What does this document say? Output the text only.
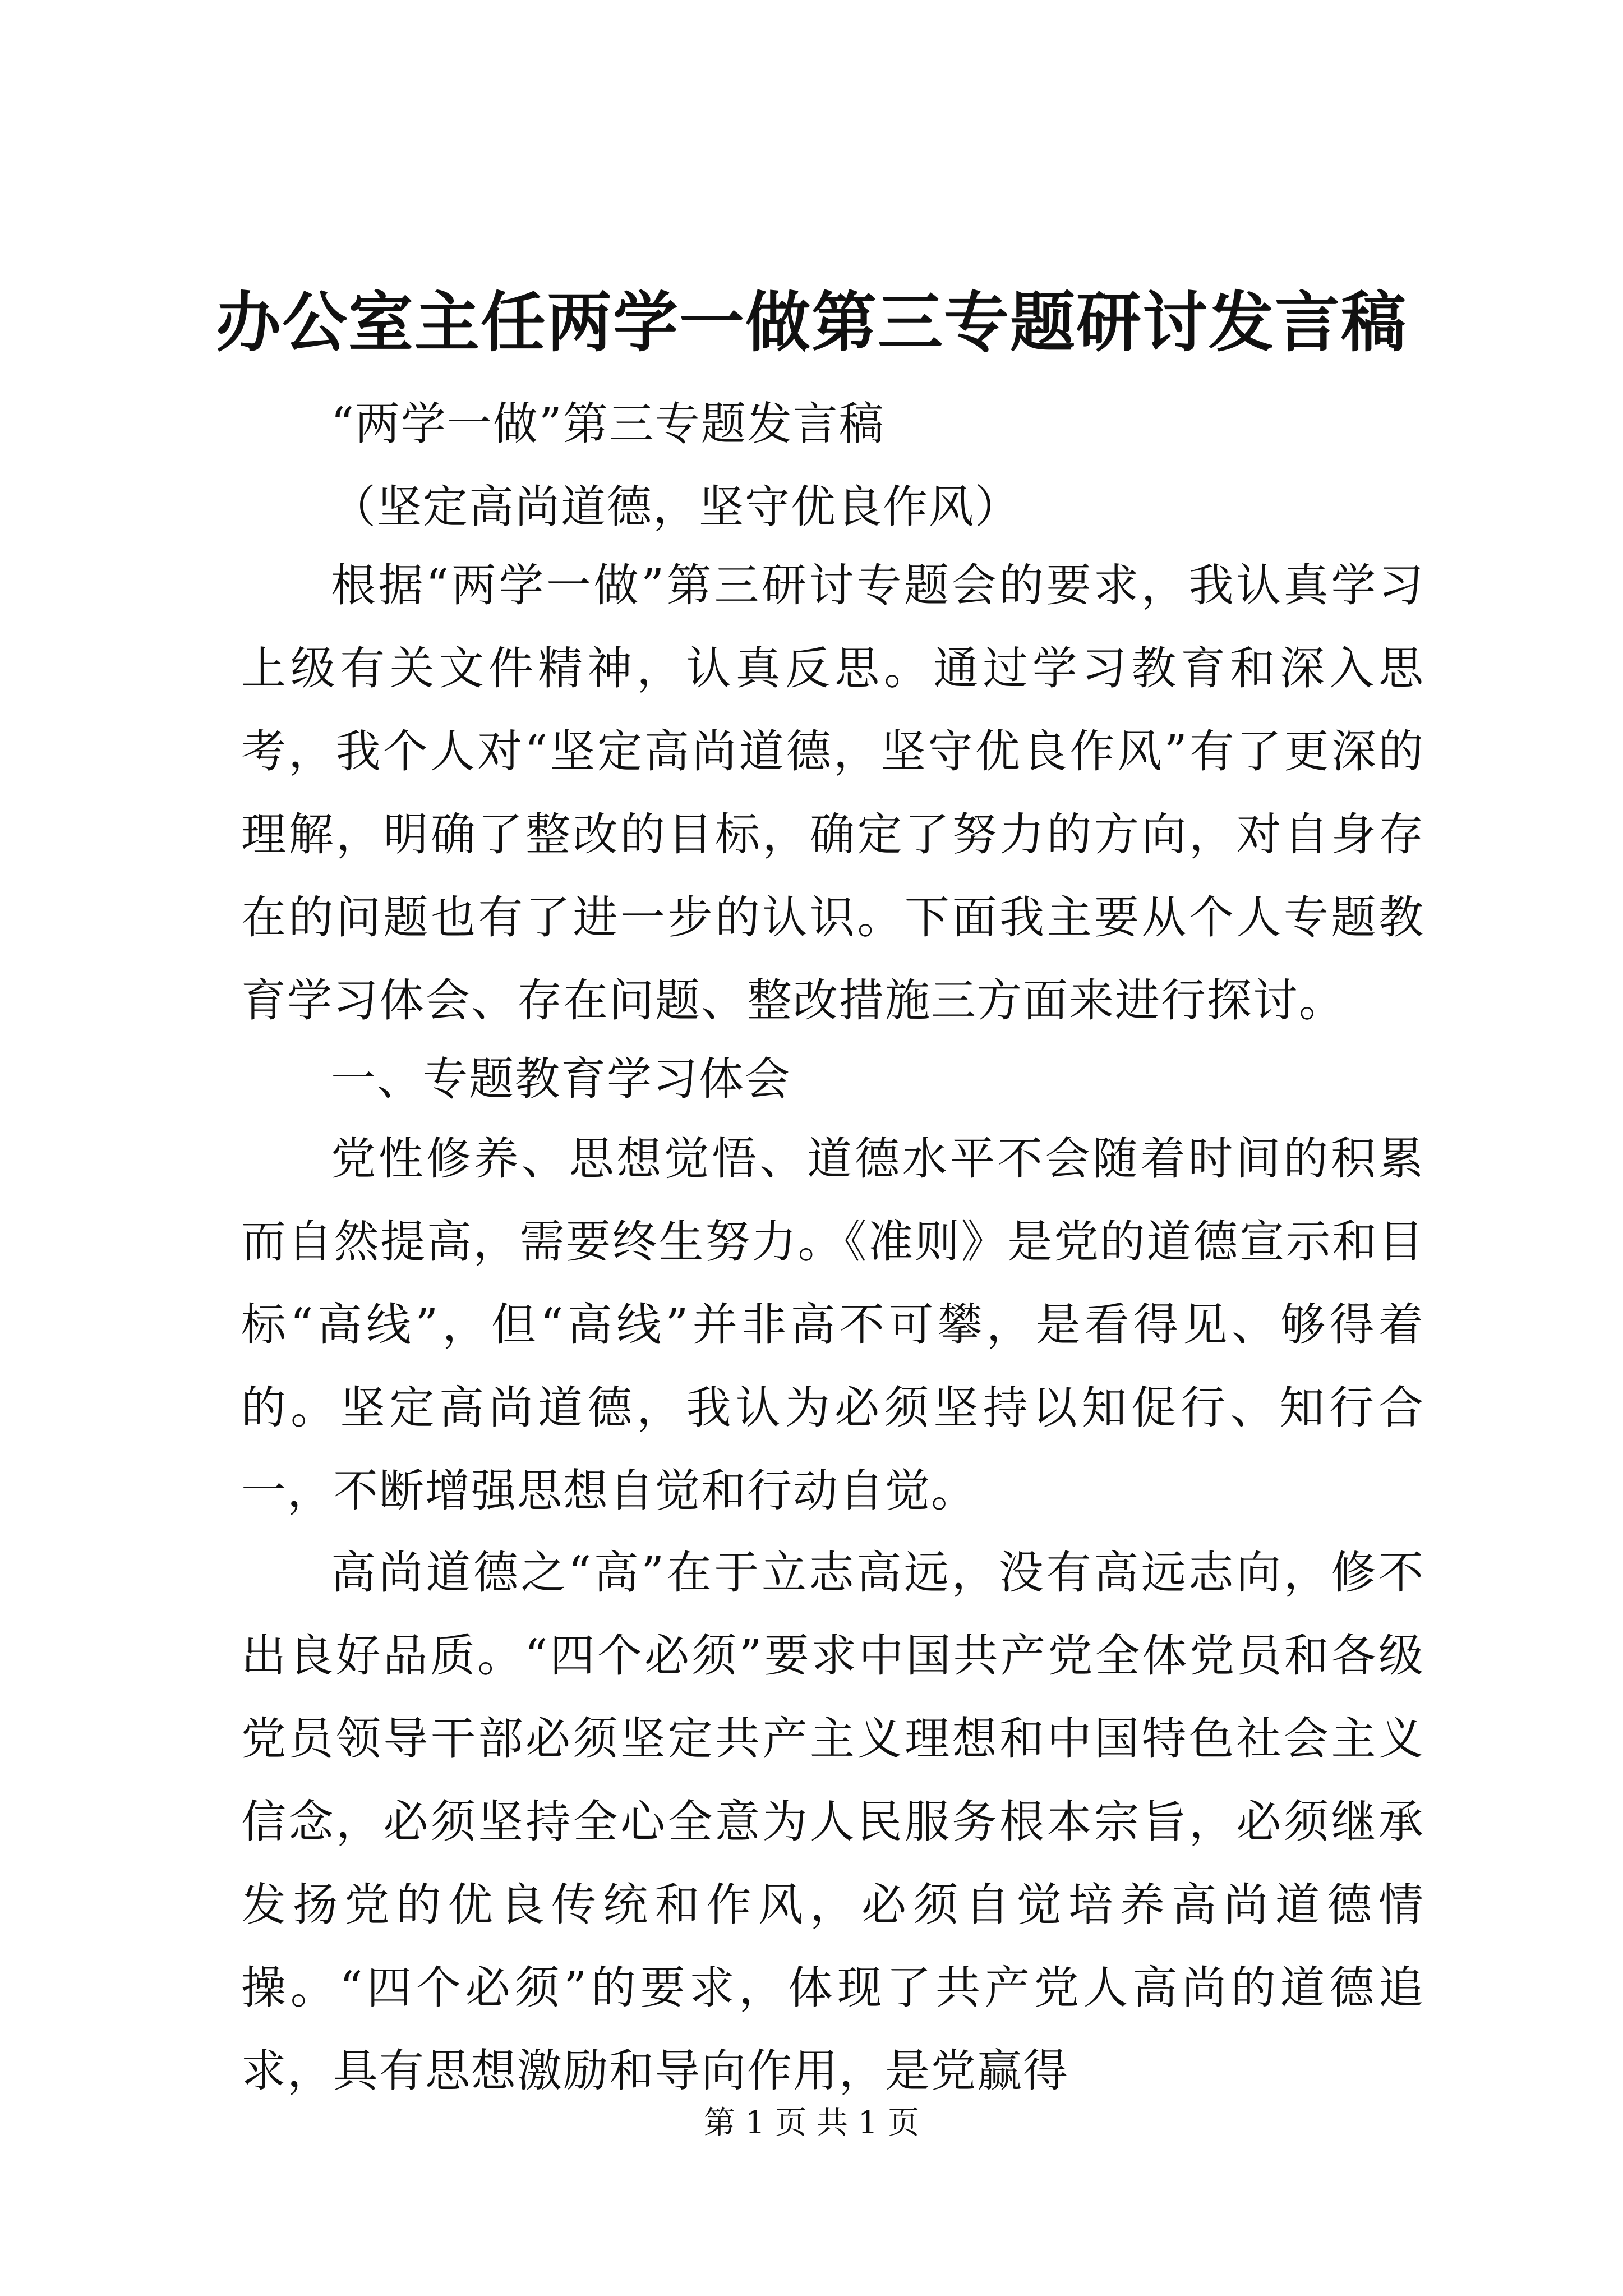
办公室主任两学一做第三专题研讨发言稿

“两学一做”第三专题发言稿

（坚定高尚道德，坚守优良作风）

根据“两学一做”第三研讨专题会的要求，我认真学习上级有关文件精神，认真反思。通过学习教育和深入思考，我个人对“坚定高尚道德，坚守优良作风”有了更深的理解，明确了整改的目标，确定了努力的方向，对自身存在的问题也有了进一步的认识。下面我主要从个人专题教育学习体会、存在问题、整改措施三方面来进行探讨。

一、专题教育学习体会

党性修养、思想觉悟、道德水平不会随着时间的积累而自然提高，需要终生努力。《准则》是党的道德宣示和目标“高线”，但“高线”并非高不可攀，是看得见、够得着的。坚定高尚道德，我认为必须坚持以知促行、知行合一，不断增强思想自觉和行动自觉。

高尚道德之“高”在于立志高远，没有高远志向，修不出良好品质。“四个必须”要求中国共产党全体党员和各级党员领导干部必须坚定共产主义理想和中国特色社会主义信念，必须坚持全心全意为人民服务根本宗旨，必须继承发扬党的优良传统和作风，必须自觉培养高尚道德情操。“四个必须”的要求，体现了共产党人高尚的道德追求，具有思想激励和导向作用，是党赢得

第 1 页 共 1 页
